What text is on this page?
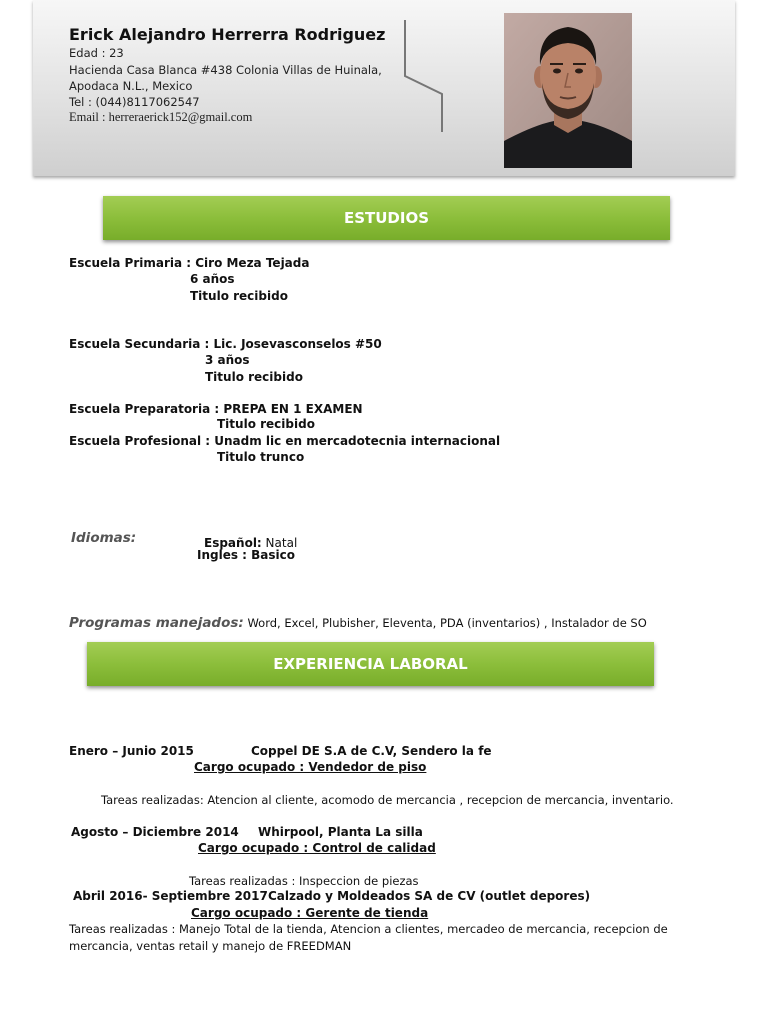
Erick Alejandro Herrerra Rodriguez
Edad : 23
Hacienda Casa Blanca #438 Colonia Villas de Huinala,
Apodaca N.L., Mexico
Tel : (044)8117062547
Email : herreraerick152@gmail.com
ESTUDIOS
Escuela Primaria : Ciro Meza Tejada
6 años
Titulo recibido
Escuela Secundaria : Lic. Josevasconselos #50
3 años
Titulo recibido
Escuela Preparatoria : PREPA EN 1 EXAMEN
Titulo recibido
Escuela Profesional : Unadm lic en mercadotecnia internacional
Titulo trunco
Idiomas:	Español: Natal
Ingles : Basico
Programas manejados: Word, Excel, Plubisher, Eleventa, PDA (inventarios) , Instalador de SO
EXPERIENCIA LABORAL
Enero – Junio 2015	Coppel DE S.A de C.V, Sendero la fe
Cargo ocupado : Vendedor de piso
Tareas realizadas: Atencion al cliente, acomodo de mercancia , recepcion de mercancia, inventario.
Agosto – Diciembre 2014 Whirpool, Planta La silla
Cargo ocupado : Control de calidad
Tareas realizadas : Inspeccion de piezas
Abril 2016- Septiembre 2017 Calzado y Moldeados SA de CV (outlet depores)
Cargo ocupado : Gerente de tienda
Tareas realizadas : Manejo Total de la tienda, Atencion a clientes, mercadeo de mercancia, recepcion de
mercancia, ventas retail y manejo de FREEDMAN
